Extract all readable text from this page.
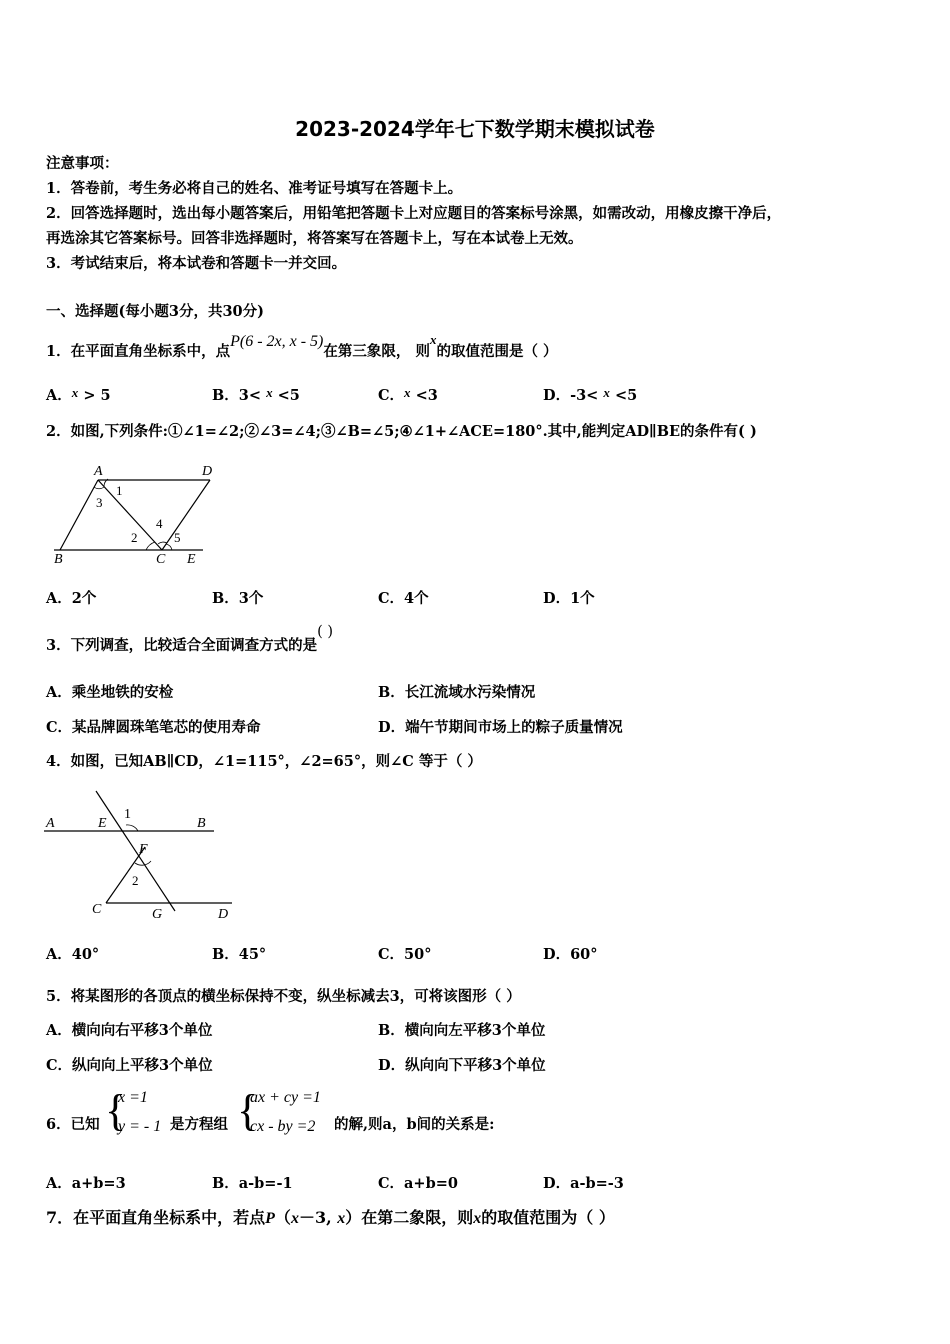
2023-2024学年七下数学期末模拟试卷
注意事项：
1．答卷前，考生务必将自己的姓名、准考证号填写在答题卡上。
2．回答选择题时，选出每小题答案后，用铅笔把答题卡上对应题目的答案标号涂黑，如需改动，用橡皮擦干净后，
再选涂其它答案标号。回答非选择题时，将答案写在答题卡上，写在本试卷上无效。
3．考试结束后，将本试卷和答题卡一并交回。
一、选择题(每小题3分，共30分)
1．在平面直角坐标系中，点P(6 - 2x, x - 5)在第三象限， 则x的取值范围是（ ）
A．x > 5	B．3< x <5	C．x <3	D．-3< x <5
2．如图,下列条件:①∠1=∠2;②∠3=∠4;③∠B=∠5;④∠1+∠ACE=180°.其中,能判定AD∥BE的条件有( )
A	D
B	C E
1
3
2
4
5
A．2个	B．3个	C．4个	D．1个
3．下列调查，比较适合全面调查方式的是( )
A．乘坐地铁的安检	B．长江流域水污染情况
C．某品牌圆珠笔笔芯的使用寿命	D．端午节期间市场上的粽子质量情况
4．如图，已知AB∥CD，∠1=115°，∠2=65°，则∠C 等于（ ）
A	E
1
B
F
2
C	G	D
A．40°	B．45°	C．50°	D．60°
5．将某图形的各顶点的横坐标保持不变，纵坐标减去3，可将该图形（ ）
A．横向向右平移3个单位	B．横向向左平移3个单位
C．纵向向上平移3个单位	D．纵向向下平移3个单位
6．已知 {
x =1
y = - 1 是方程组 {
ax + cy =1
cx - by =2 的解,则a，b间的关系是:
A．a+b=3	B．a-b=-1	C．a+b=0	D．a-b=-3
7．在平面直角坐标系中，若点P（x－3, x）在第二象限，则x的取值范围为（ ）
